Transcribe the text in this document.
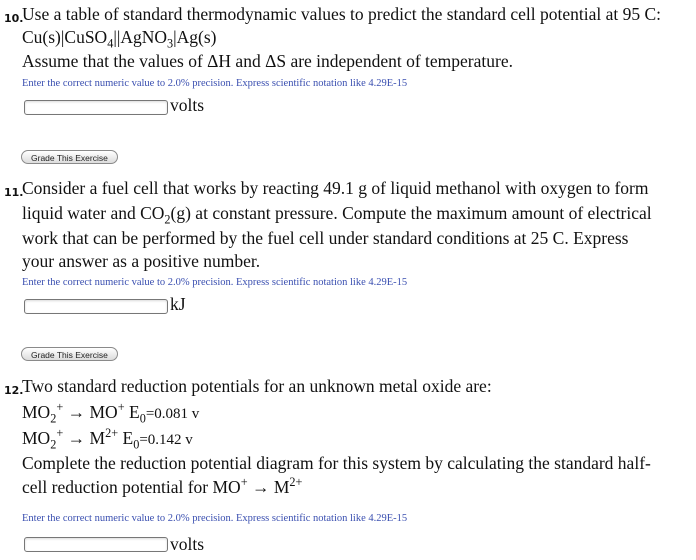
10.
Use a table of standard thermodynamic values to predict the standard cell potential at 95 C:
Cu(s)|CuSO$_4$||AgNO$_3$|Ag(s)
Assume that the values of ΔH and ΔS are independent of temperature.
Enter the correct numeric value to 2.0% precision. Express scientific notation like 4.29E-15
volts
Grade This Exercise
11.
Consider a fuel cell that works by reacting 49.1 g of liquid methanol with oxygen to form
liquid water and $CO_2(g)$ at constant pressure. Compute the maximum amount of electrical
work that can be performed by the fuel cell under standard conditions at 25 C. Express
your answer as a positive number.
Enter the correct numeric value to 2.0% precision. Express scientific notation like 4.29E-15
kJ
Grade This Exercise
12.
Two standard reduction potentials for an unknown metal oxide are:
$MO_2^+ \to MO^+$ $E_0=0.081$ v
$MO_2^+ \to M^{2+}$ $E_0=0.142$ v
Complete the reduction potential diagram for this system by calculating the standard half-
cell reduction potential for $MO^+ \to M^{2+}$
Enter the correct numeric value to 2.0% precision. Express scientific notation like 4.29E-15
volts
